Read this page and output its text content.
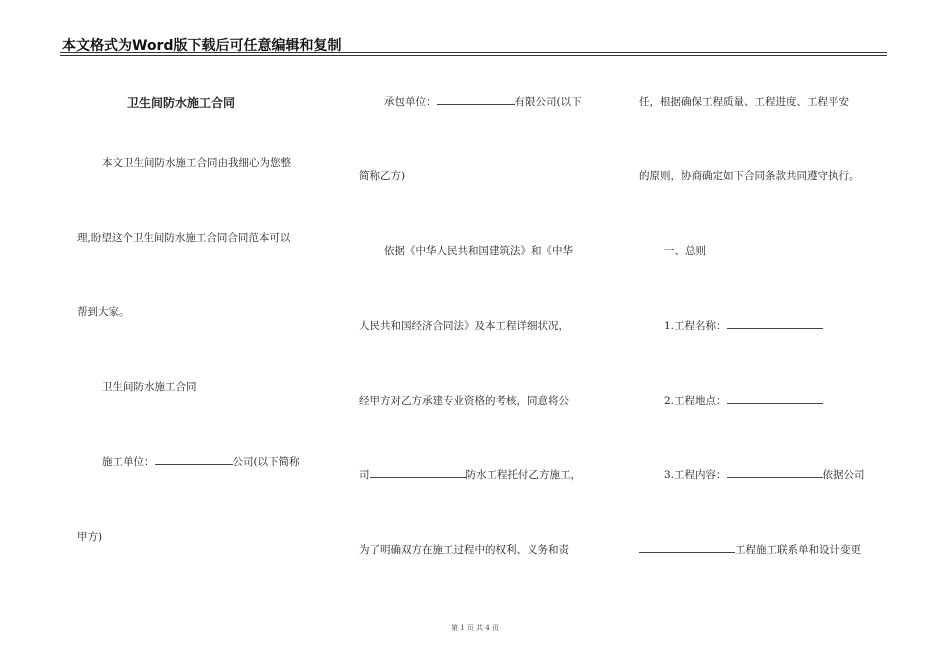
本文格式为Word版下载后可任意编辑和复制
卫生间防水施工合同
本文卫生间防水施工合同由我细心为您整
理,盼望这个卫生间防水施工合同合同范本可以
帮到大家。
卫生间防水施工合同
施工单位：	公司(以下简称
甲方)
承包单位：	有限公司(以下
简称乙方)
依据《中华人民共和国建筑法》和《中华
人民共和国经济合同法》及本工程详细状况，
经甲方对乙方承建专业资格的考核，同意将公
司	防水工程托付乙方施工，
为了明确双方在施工过程中的权利、义务和责
任，根据确保工程质量、工程进度、工程平安
的原则，协商确定如下合同条款共同遵守执行。
一、总则
1.工程名称：
2.工程地点：
3.工程内容：	依据公司
工程施工联系单和设计变更
第 1 页 共 4 页
